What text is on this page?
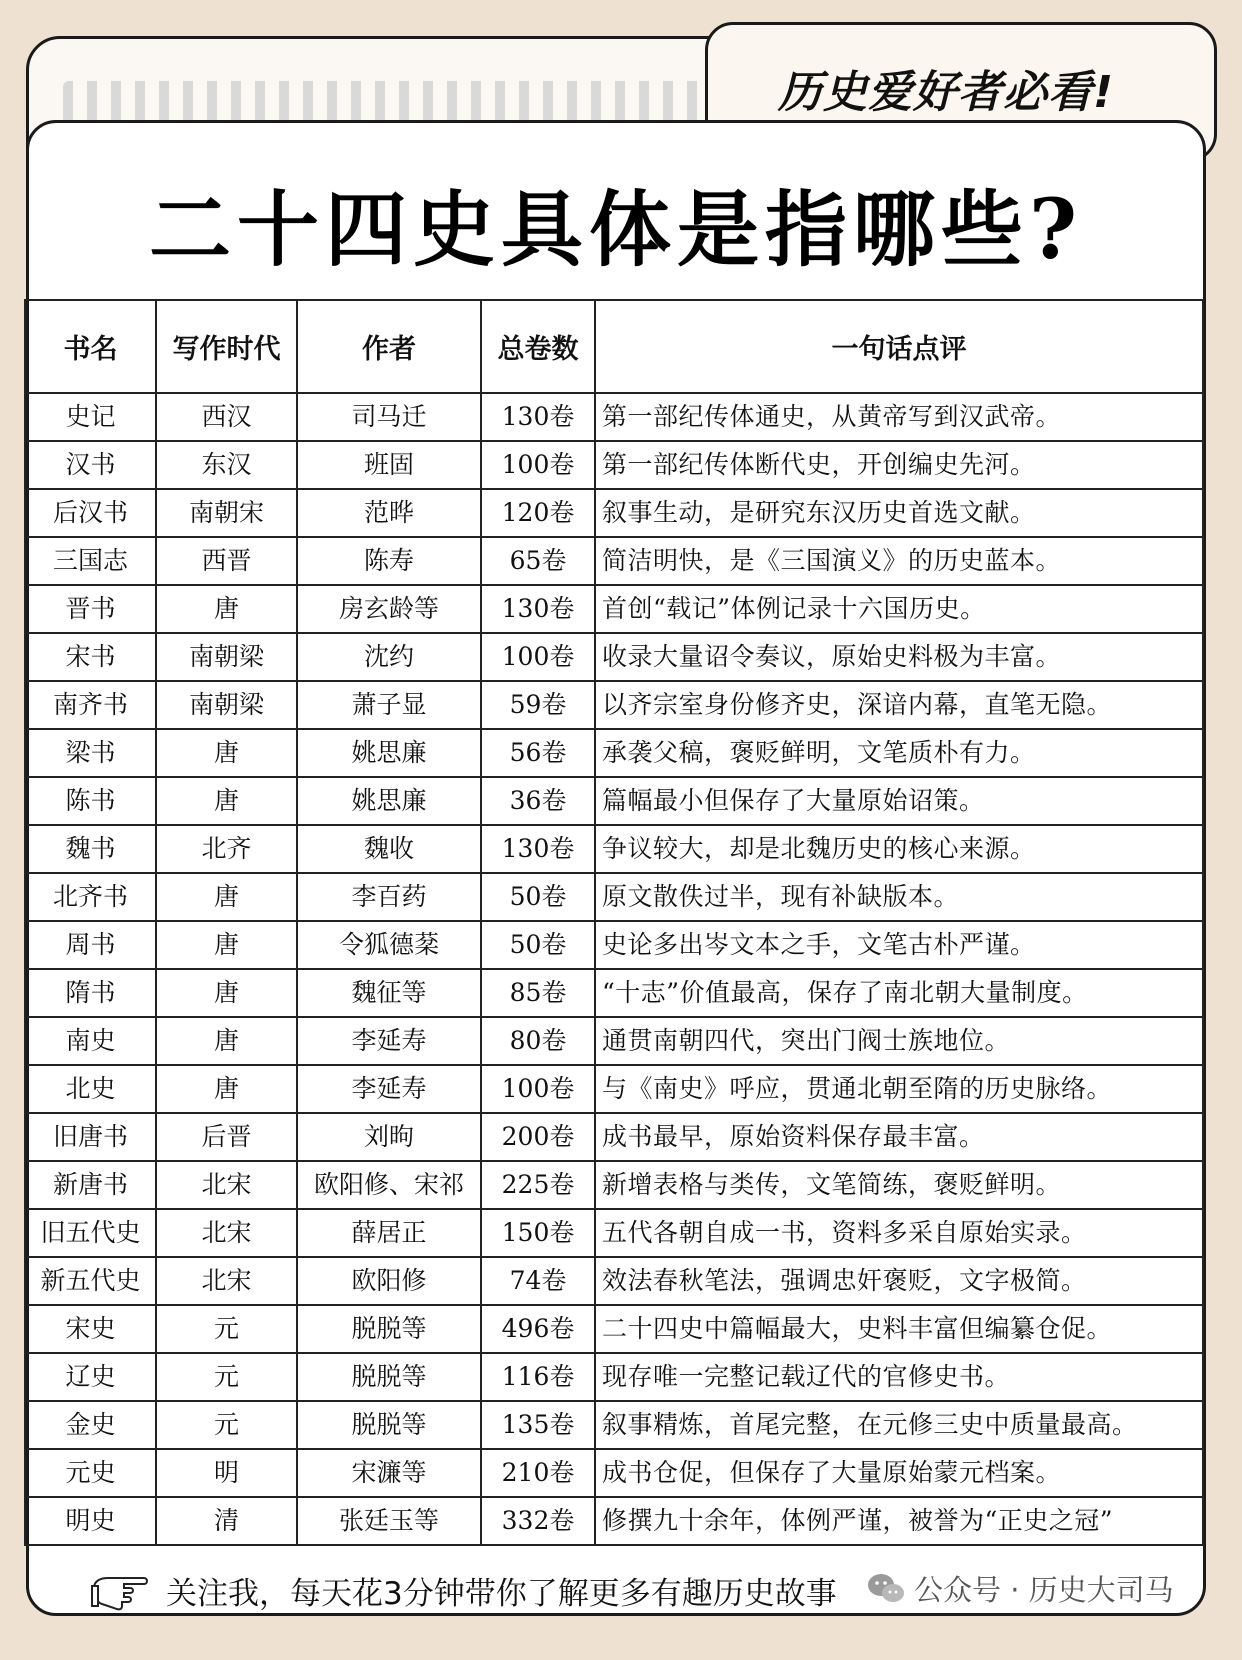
历史爱好者必看!
二十四史具体是指哪些?
书名	写作时代	作者	总卷数	一句话点评
史记	西汉	司马迁	130卷	第一部纪传体通史，从黄帝写到汉武帝。
汉书	东汉	班固	100卷	第一部纪传体断代史，开创编史先河。
后汉书	南朝宋	范晔	120卷	叙事生动，是研究东汉历史首选文献。
三国志	西晋	陈寿	65卷	简洁明快，是《三国演义》的历史蓝本。
晋书	唐	房玄龄等	130卷	首创“载记”体例记录十六国历史。
宋书	南朝梁	沈约	100卷	收录大量诏令奏议，原始史料极为丰富。
南齐书	南朝梁	萧子显	59卷	以齐宗室身份修齐史，深谙内幕，直笔无隐。
梁书	唐	姚思廉	56卷	承袭父稿，褒贬鲜明，文笔质朴有力。
陈书	唐	姚思廉	36卷	篇幅最小但保存了大量原始诏策。
魏书	北齐	魏收	130卷	争议较大，却是北魏历史的核心来源。
北齐书	唐	李百药	50卷	原文散佚过半，现有补缺版本。
周书	唐	令狐德棻	50卷	史论多出岑文本之手，文笔古朴严谨。
隋书	唐	魏征等	85卷	“十志”价值最高，保存了南北朝大量制度。
南史	唐	李延寿	80卷	通贯南朝四代，突出门阀士族地位。
北史	唐	李延寿	100卷	与《南史》呼应，贯通北朝至隋的历史脉络。
旧唐书	后晋	刘昫	200卷	成书最早，原始资料保存最丰富。
新唐书	北宋	欧阳修、宋祁	225卷	新增表格与类传，文笔简练，褒贬鲜明。
旧五代史	北宋	薛居正	150卷	五代各朝自成一书，资料多采自原始实录。
新五代史	北宋	欧阳修	74卷	效法春秋笔法，强调忠奸褒贬，文字极简。
宋史	元	脱脱等	496卷	二十四史中篇幅最大，史料丰富但编纂仓促。
辽史	元	脱脱等	116卷	现存唯一完整记载辽代的官修史书。
金史	元	脱脱等	135卷	叙事精炼，首尾完整，在元修三史中质量最高。
元史	明	宋濂等	210卷	成书仓促，但保存了大量原始蒙元档案。
明史	清	张廷玉等	332卷	修撰九十余年，体例严谨，被誉为“正史之冠”
关注我，每天花3分钟带你了解更多有趣历史故事	公众号 · 历史大司马
